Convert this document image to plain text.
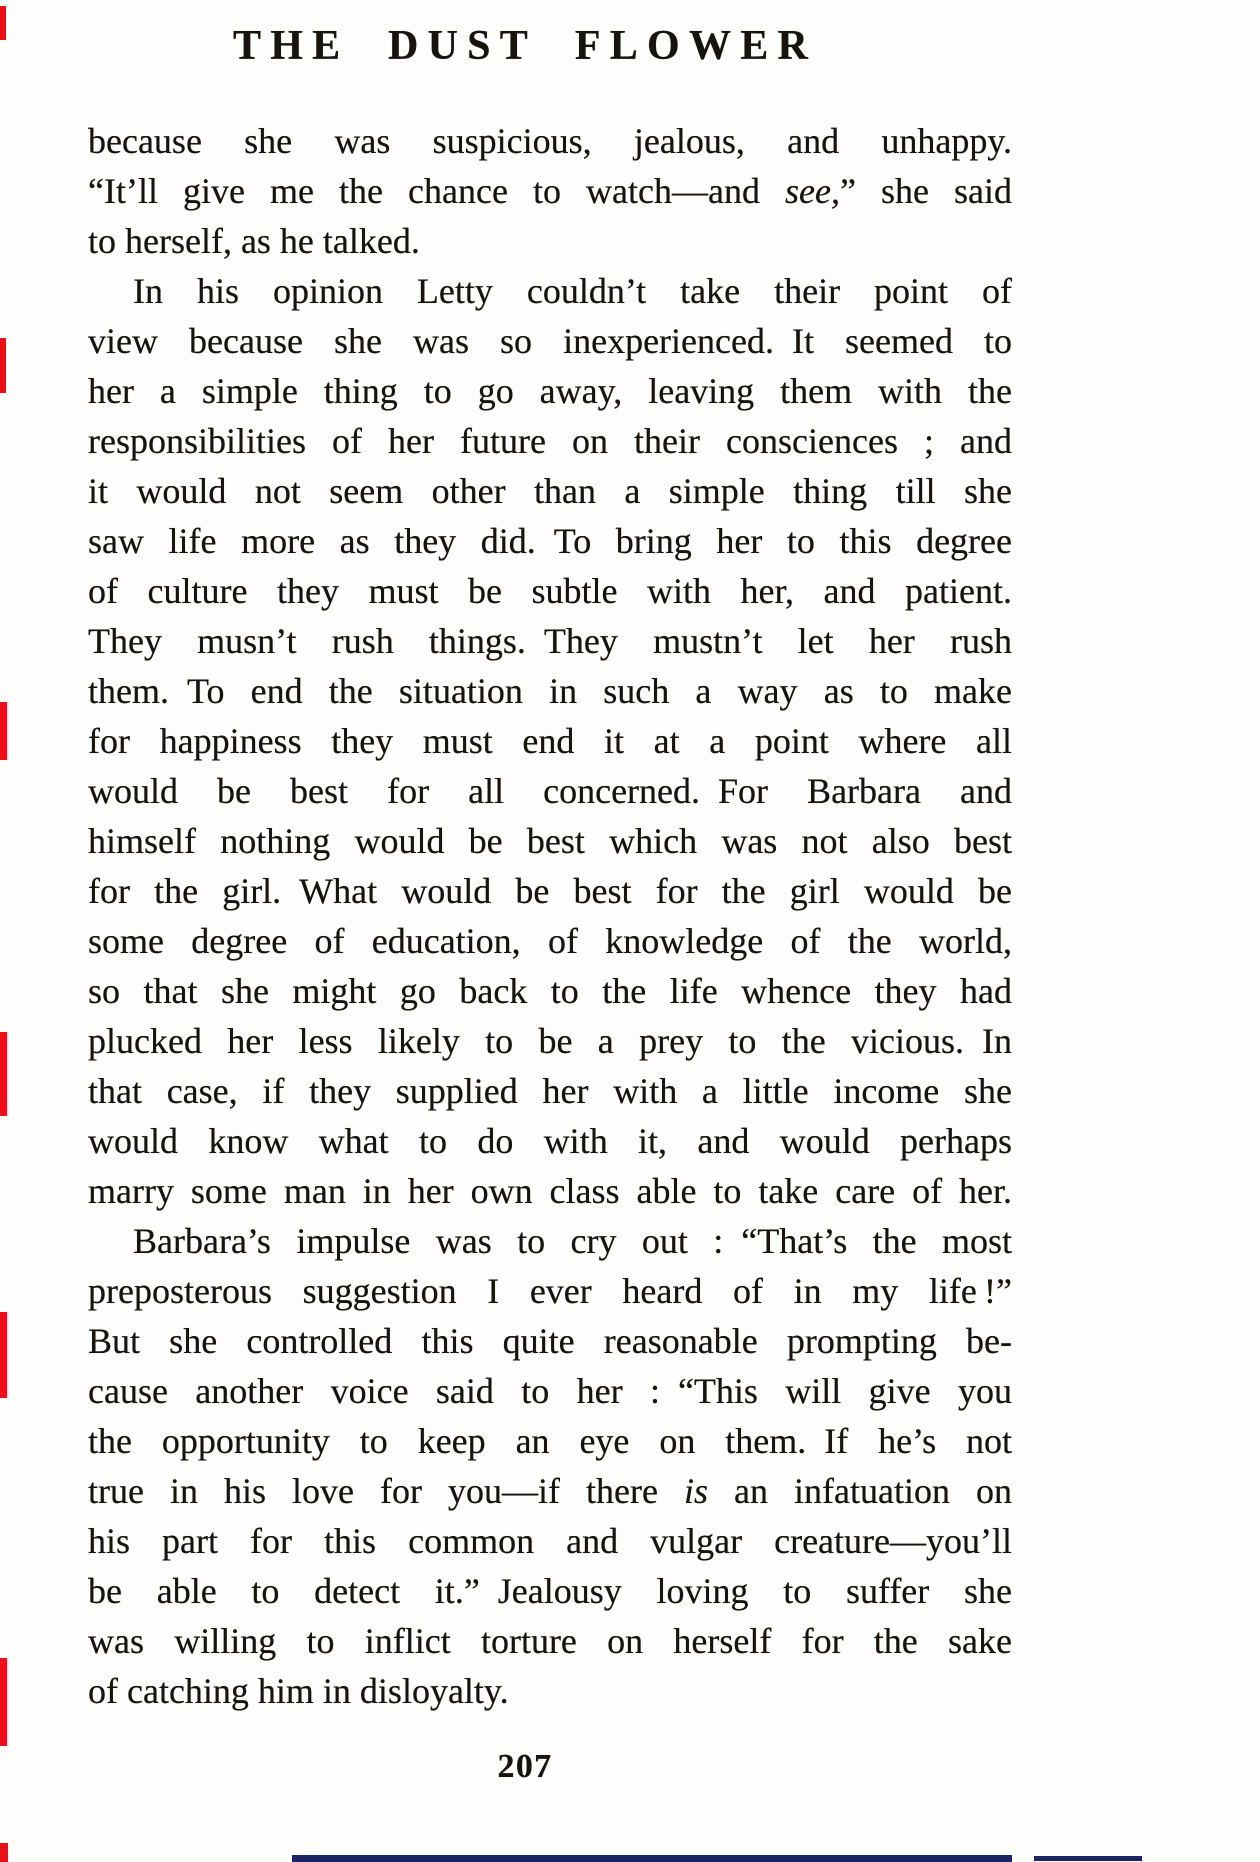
THE DUST FLOWER
because she was suspicious, jealous, and unhappy.
“It’ll give me the chance to watch—and see,” she said
to herself, as he talked.
In his opinion Letty couldn’t take their point of
view because she was so inexperienced. It seemed to
her a simple thing to go away, leaving them with the
responsibilities of her future on their consciences ; and
it would not seem other than a simple thing till she
saw life more as they did. To bring her to this degree
of culture they must be subtle with her, and patient.
They musn’t rush things. They mustn’t let her rush
them. To end the situation in such a way as to make
for happiness they must end it at a point where all
would be best for all concerned. For Barbara and
himself nothing would be best which was not also best
for the girl. What would be best for the girl would be
some degree of education, of knowledge of the world,
so that she might go back to the life whence they had
plucked her less likely to be a prey to the vicious. In
that case, if they supplied her with a little income she
would know what to do with it, and would perhaps
marry some man in her own class able to take care of her.
Barbara’s impulse was to cry out : “That’s the most
preposterous suggestion I ever heard of in my life !”
But she controlled this quite reasonable prompting be-
cause another voice said to her : “This will give you
the opportunity to keep an eye on them. If he’s not
true in his love for you—if there is an infatuation on
his part for this common and vulgar creature—you’ll
be able to detect it.” Jealousy loving to suffer she
was willing to inflict torture on herself for the sake
of catching him in disloyalty.
207
